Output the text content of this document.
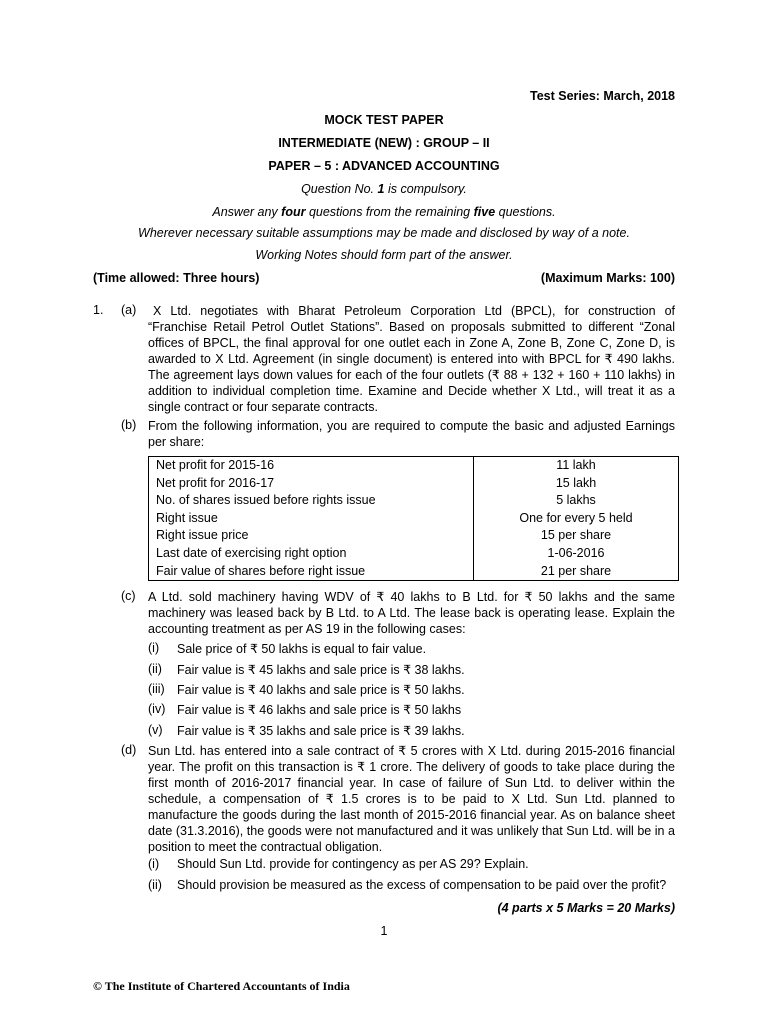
Test Series: March, 2018
MOCK TEST PAPER
INTERMEDIATE (NEW) : GROUP – II
PAPER – 5 : ADVANCED ACCOUNTING
Question No. 1 is compulsory.
Answer any four questions from the remaining five questions.
Wherever necessary suitable assumptions may be made and disclosed by way of a note.
Working Notes should form part of the answer.
(Time allowed: Three hours)	(Maximum Marks: 100)
1. (a)	X Ltd. negotiates with Bharat Petroleum Corporation Ltd (BPCL), for construction of “Franchise Retail Petrol Outlet Stations”. Based on proposals submitted to different “Zonal offices of BPCL, the final approval for one outlet each in Zone A, Zone B, Zone C, Zone D, is awarded to X Ltd. Agreement (in single document) is entered into with BPCL for ₹ 490 lakhs. The agreement lays down values for each of the four outlets (₹ 88 + 132 + 160 + 110 lakhs) in addition to individual completion time. Examine and Decide whether X Ltd., will treat it as a single contract or four separate contracts.
(b) From the following information, you are required to compute the basic and adjusted Earnings per share:
Net profit for 2015-16	11 lakh
Net profit for 2016-17	15 lakh
No. of shares issued before rights issue	5 lakhs
Right issue	One for every 5 held
Right issue price	15 per share
Last date of exercising right option	1-06-2016
Fair value of shares before right issue	21 per share
(c) A Ltd. sold machinery having WDV of ₹ 40 lakhs to B Ltd. for ₹ 50 lakhs and the same machinery was leased back by B Ltd. to A Ltd. The lease back is operating lease. Explain the accounting treatment as per AS 19 in the following cases:
(i) Sale price of ₹ 50 lakhs is equal to fair value.
(ii) Fair value is ₹ 45 lakhs and sale price is ₹ 38 lakhs.
(iii) Fair value is ₹ 40 lakhs and sale price is ₹ 50 lakhs.
(iv) Fair value is ₹ 46 lakhs and sale price is ₹ 50 lakhs
(v) Fair value is ₹ 35 lakhs and sale price is ₹ 39 lakhs.
(d) Sun Ltd. has entered into a sale contract of ₹ 5 crores with X Ltd. during 2015-2016 financial year. The profit on this transaction is ₹ 1 crore. The delivery of goods to take place during the first month of 2016-2017 financial year. In case of failure of Sun Ltd. to deliver within the schedule, a compensation of ₹ 1.5 crores is to be paid to X Ltd. Sun Ltd. planned to manufacture the goods during the last month of 2015-2016 financial year. As on balance sheet date (31.3.2016), the goods were not manufactured and it was unlikely that Sun Ltd. will be in a position to meet the contractual obligation.
(i) Should Sun Ltd. provide for contingency as per AS 29? Explain.
(ii) Should provision be measured as the excess of compensation to be paid over the profit?
(4 parts x 5 Marks = 20 Marks)
1
© The Institute of Chartered Accountants of India
